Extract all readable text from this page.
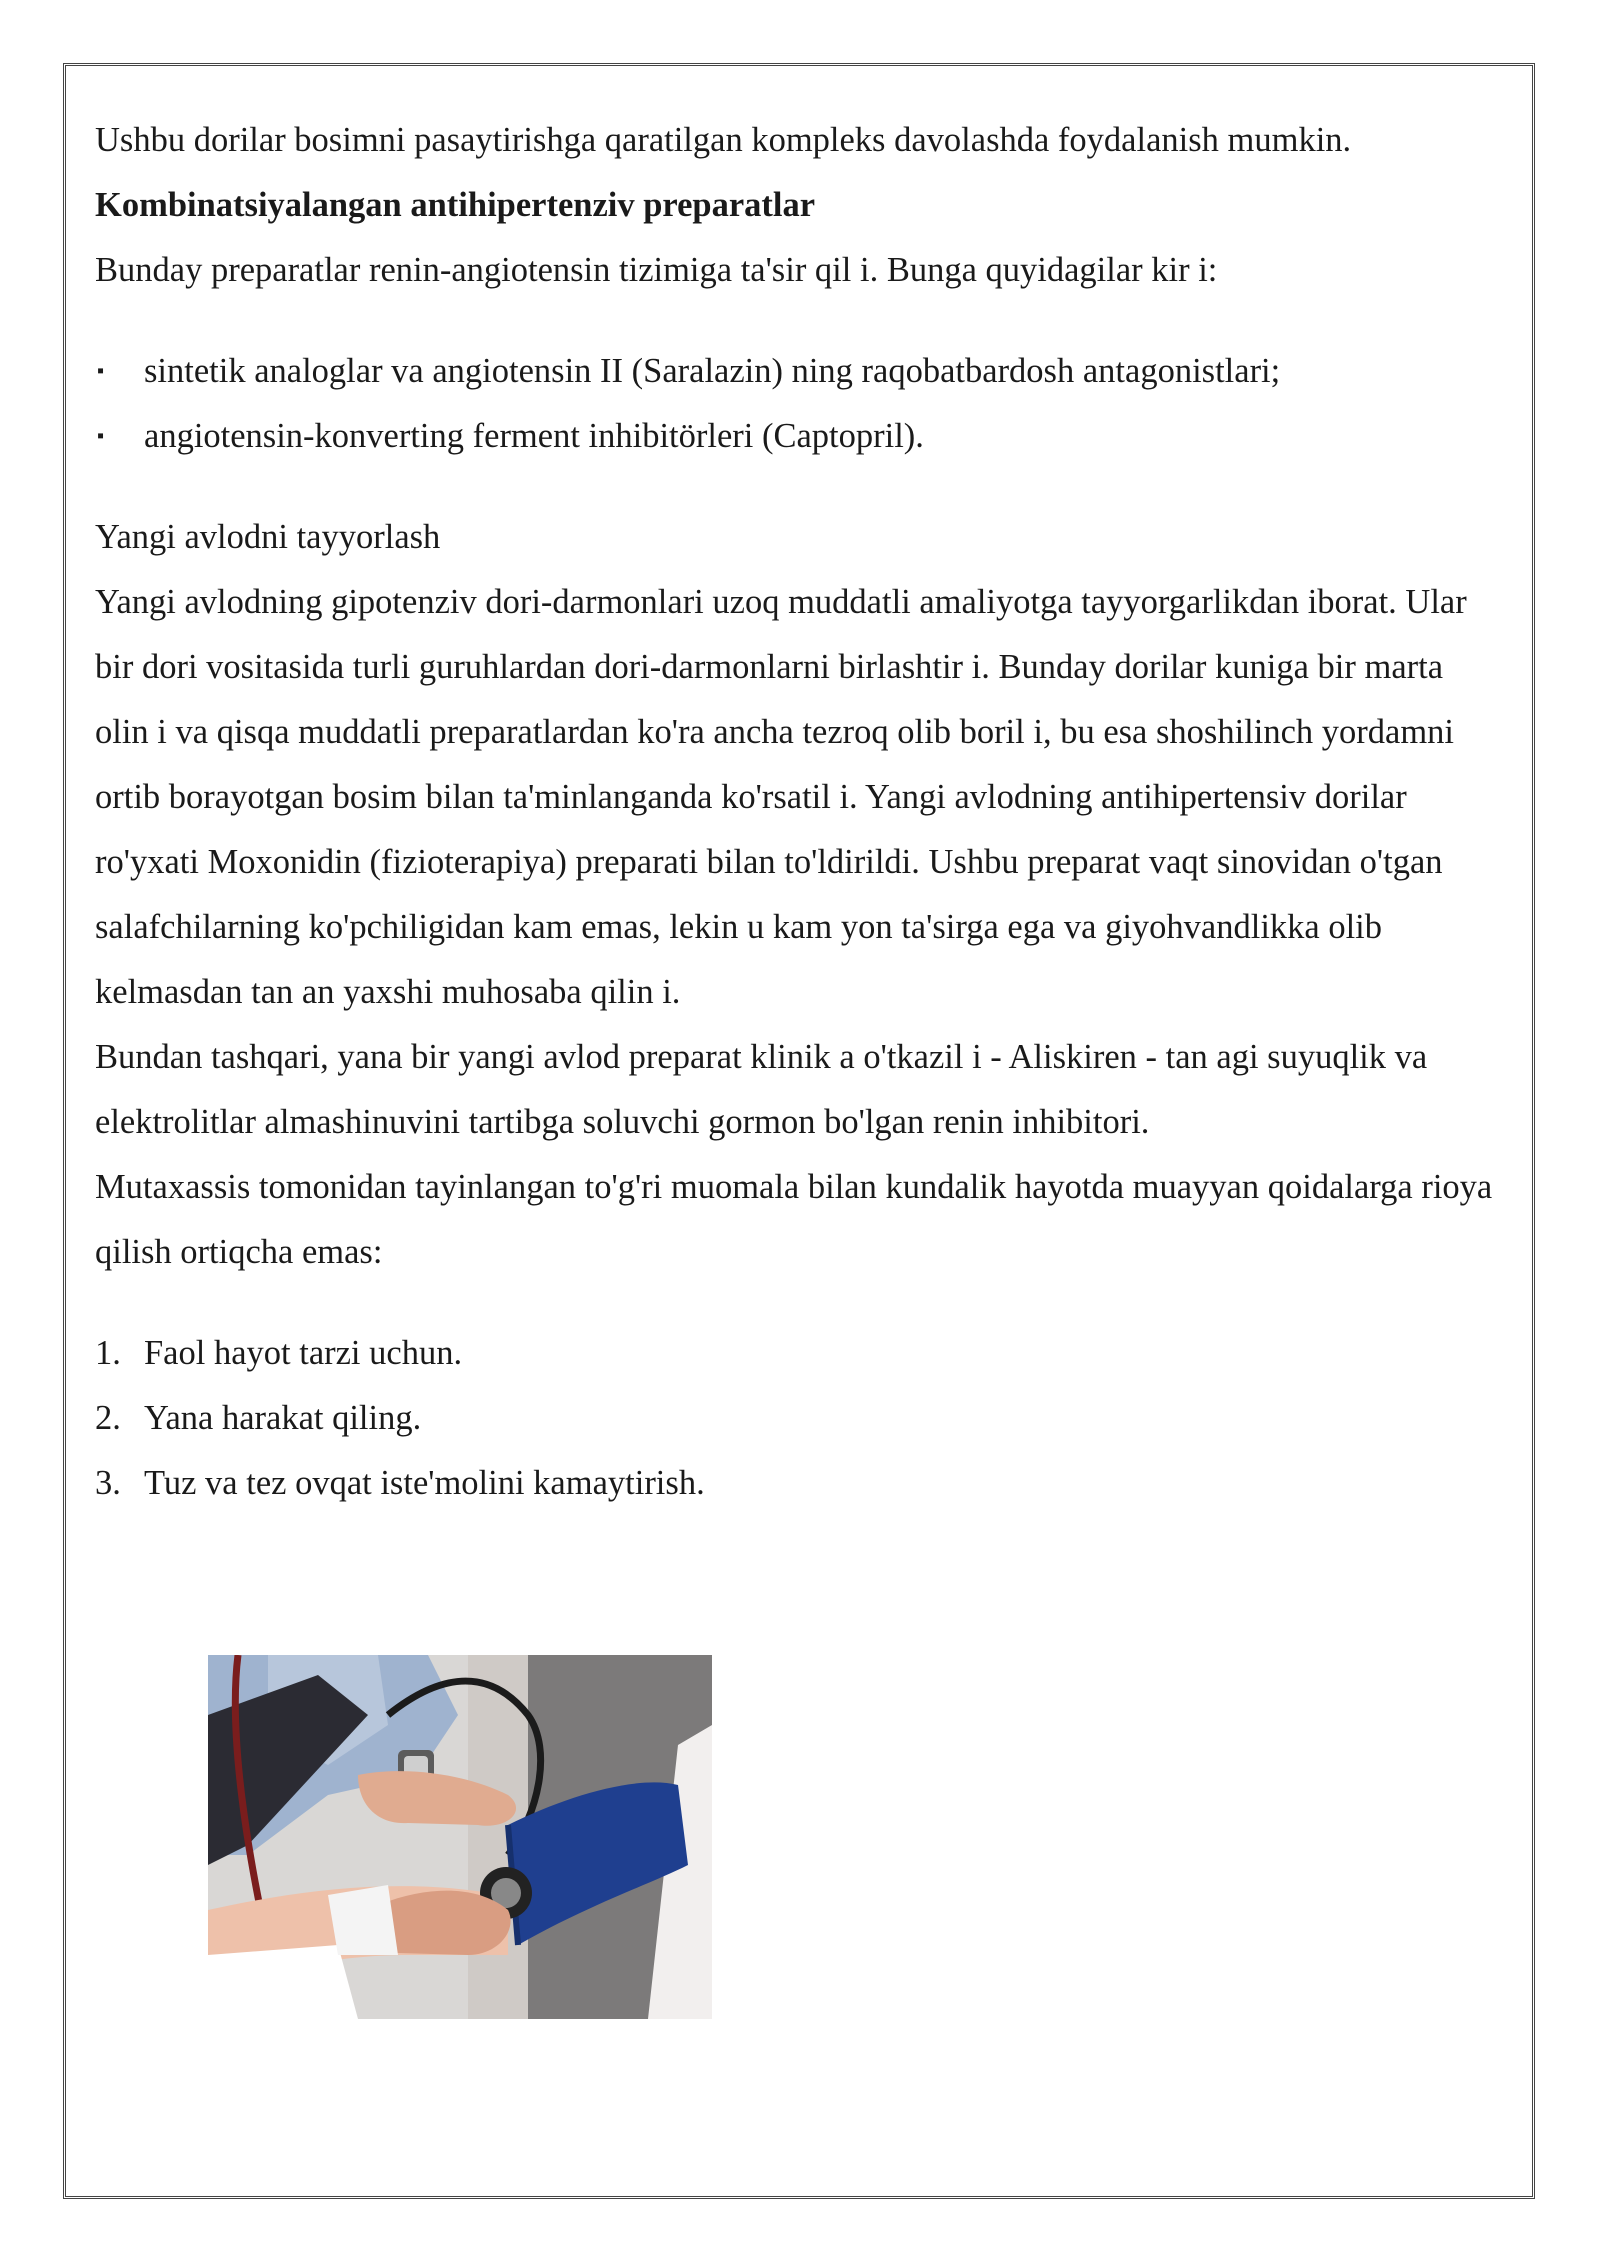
Ushbu dorilar bosimni pasaytirishga qaratilgan kompleks davolashda foydalanish mumkin.

Kombinatsiyalangan antihipertenziv preparatlar

Bunday preparatlar renin-angiotensin tizimiga ta'sir qil i. Bunga quyidagilar kir i:

▪ sintetik analoglar va angiotensin II (Saralazin) ning raqobatbardosh antagonistlari;
▪ angiotensin-konverting ferment inhibitörleri (Captopril).

Yangi avlodni tayyorlash

Yangi avlodning gipotenziv dori-darmonlari uzoq muddatli amaliyotga tayyorgarlikdan iborat. Ular bir dori vositasida turli guruhlardan dori-darmonlarni birlashtir i. Bunday dorilar kuniga bir marta olin i va qisqa muddatli preparatlardan ko'ra ancha tezroq olib boril i, bu esa shoshilinch yordamni ortib borayotgan bosim bilan ta'minlanganda ko'rsatil i. Yangi avlodning antihipertensiv dorilar ro'yxati Moxonidin (fizioterapiya) preparati bilan to'ldirildi. Ushbu preparat vaqt sinovidan o'tgan salafchilarning ko'pchiligidan kam emas, lekin u kam yon ta'sirga ega va giyohvandlikka olib kelmasdan tan an yaxshi muhosaba qilin i.

Bundan tashqari, yana bir yangi avlod preparat klinik a o'tkazil i - Aliskiren - tan agi suyuqlik va elektrolitlar almashinuvini tartibga soluvchi gormon bo'lgan renin inhibitori.

Mutaxassis tomonidan tayinlangan to'g'ri muomala bilan kundalik hayotda muayyan qoidalarga rioya qilish ortiqcha emas:

1. Faol hayot tarzi uchun.
2. Yana harakat qiling.
3. Tuz va tez ovqat iste'molini kamaytirish.
